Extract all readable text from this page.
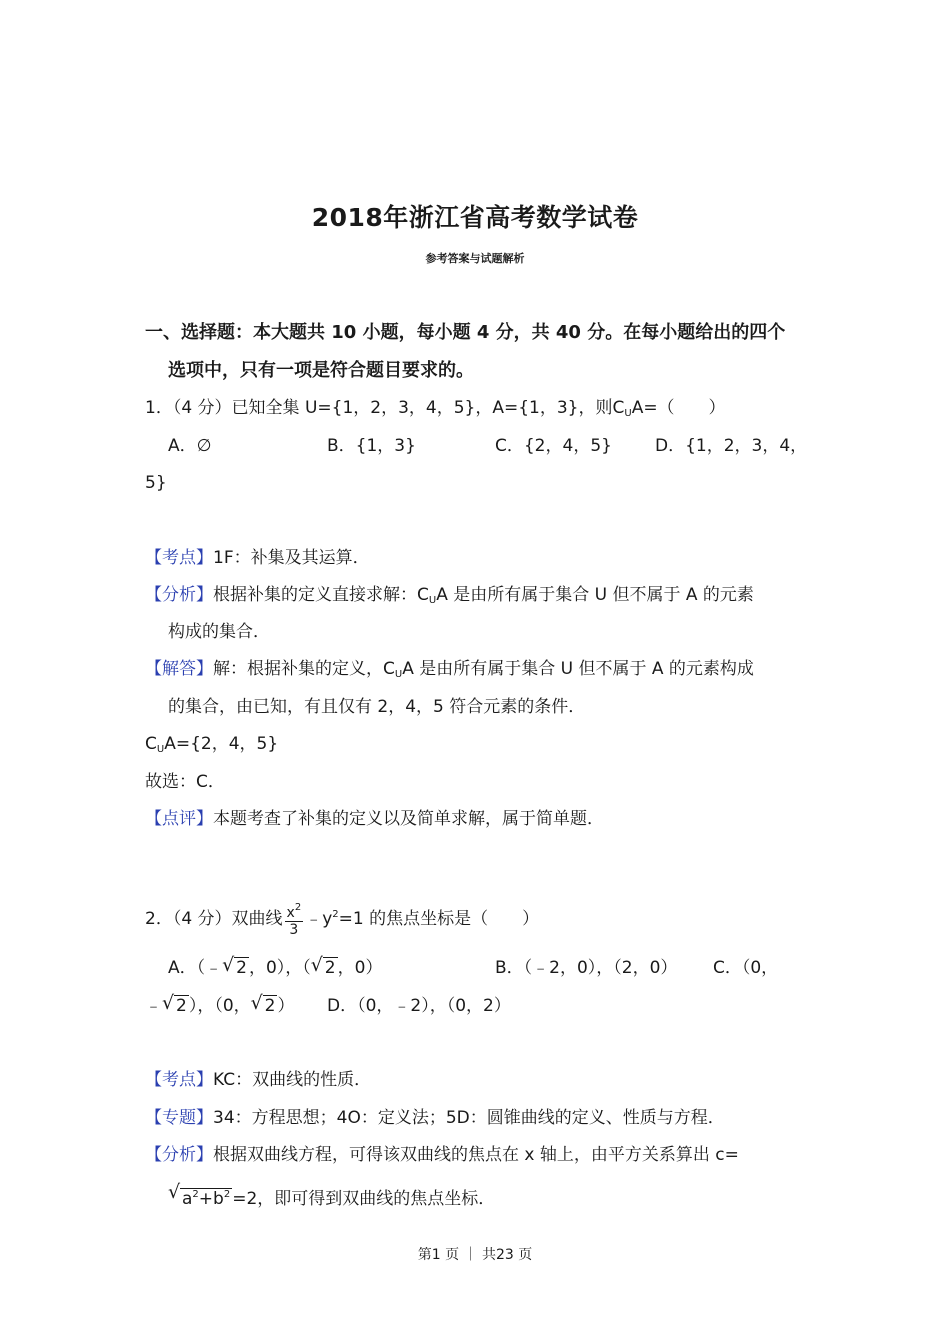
2018年浙江省高考数学试卷
参考答案与试题解析
一、选择题：本大题共 10 小题，每小题 4 分，共 40 分。在每小题给出的四个
选项中，只有一项是符合题目要求的。
1．（4 分）已知全集 U={1，2，3，4，5}，A={1，3}，则$C_UA=$（　　）
A．∅	B．{1，3}	C．{2，4，5}	D．{1，2，3，4，
5}
【考点】1F：补集及其运算．
【分析】根据补集的定义直接求解：$C_UA$ 是由所有属于集合 U 但不属于 A 的元素
构成的集合．
【解答】解：根据补集的定义，$C_UA$ 是由所有属于集合 U 但不属于 A 的元素构成
的集合，由已知，有且仅有 2，4，5 符合元素的条件．
$C_UA=\{2$，4，5}
故选：C．
【点评】本题考查了补集的定义以及简单求解，属于简单题．
2．（4 分）双曲线 $\frac{x^2}{3}$ $﹣y^2=1$ 的焦点坐标是（　　）
A．（﹣ √ 2 ，0），（ √ 2 ，0）	B．（﹣2，0），（2，0） C．（0，
﹣ √ 2 ），（0， √ 2 ） D．（0，﹣2），（0，2）
【考点】KC：双曲线的性质．
【专题】34：方程思想；4O：定义法；5D：圆锥曲线的定义、性质与方程．
【分析】根据双曲线方程，可得该双曲线的焦点在 x 轴上，由平方关系算出 c=
√ $a^2+b^2 =2$，即可得到双曲线的焦点坐标．
第1 页 ｜ 共23 页
